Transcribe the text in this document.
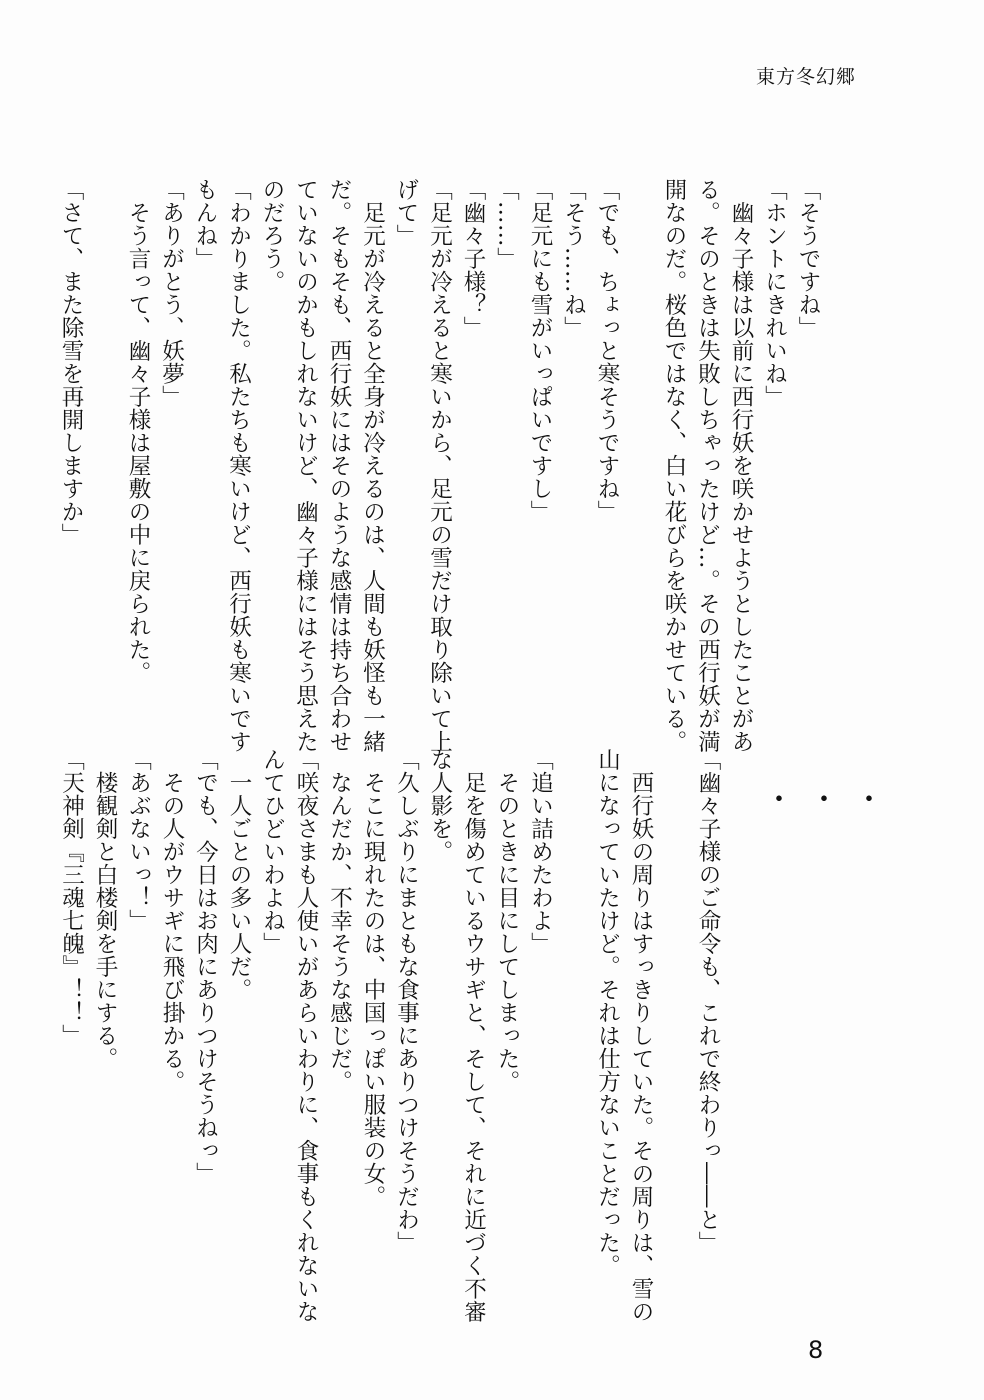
東方冬幻郷
「そうですね」
「ホントにきれいね」
　幽々子様は以前に西行妖を咲かせようとしたことがあ
る。そのときは失敗しちゃったけど…。その西行妖が満
開なのだ。桜色ではなく、白い花びらを咲かせている。

「でも、ちょっと寒そうですね」
「そう……ね」
「足元にも雪がいっぱいですし」
「……」
「幽々子様？」
「足元が冷えると寒いから、足元の雪だけ取り除いて上
げて」
　足元が冷えると全身が冷えるのは、人間も妖怪も一緒
だ。そもそも、西行妖にはそのような感情は持ち合わせ
ていないのかもしれないけど、幽々子様にはそう思えた
のだろう。
「わかりました。私たちも寒いけど、西行妖も寒いです
もんね」
「ありがとう、妖夢」
　そう言って、幽々子様は屋敷の中に戻られた。

「さて、また除雪を再開しますか」
・・・
「幽々子様のご命令も、これで終わりっ――と」

　西行妖の周りはすっきりしていた。その周りは、雪の
山になっていたけど。それは仕方ないことだった。

「追い詰めたわよ」
　そのときに目にしてしまった。
　足を傷めているウサギと、そして、それに近づく不審
な人影を。
「久しぶりにまともな食事にありつけそうだわ」
　そこに現れたのは、中国っぽい服装の女。
　なんだか、不幸そうな感じだ。
「咲夜さまも人使いがあらいわりに、食事もくれないな
んてひどいわよね」
　一人ごとの多い人だ。
「でも、今日はお肉にありつけそうねっ」
　その人がウサギに飛び掛かる。
「あぶないっ！」
　楼観剣と白楼剣を手にする。
「天神剣『三魂七魄』！！」
8
